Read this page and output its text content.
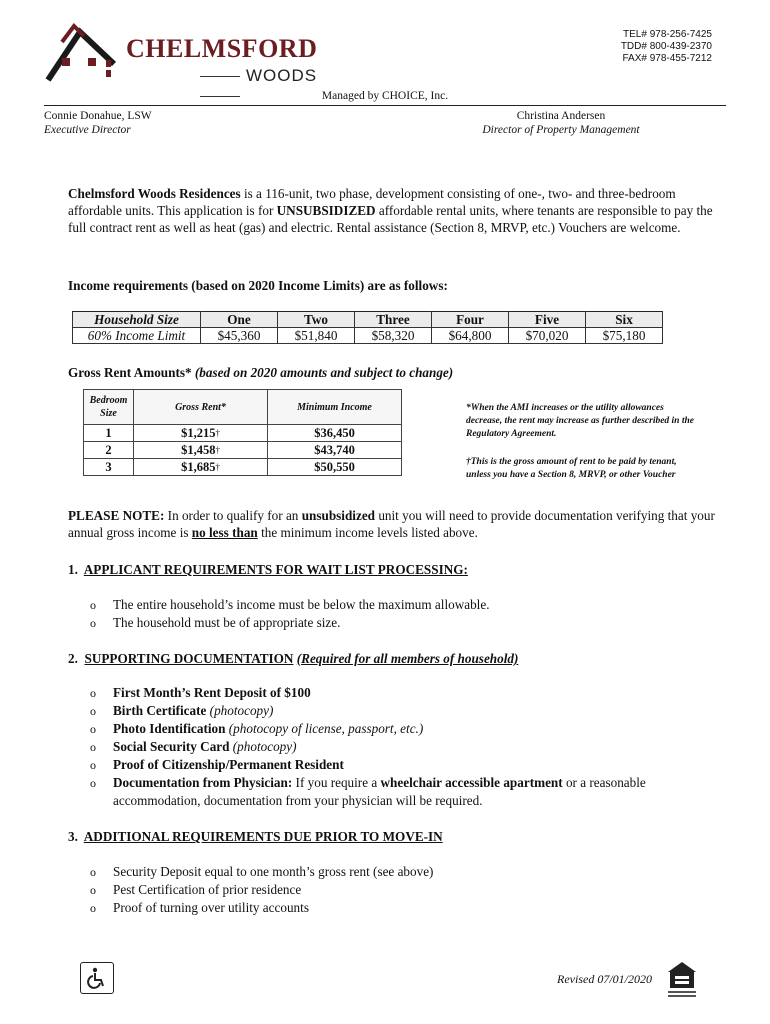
CHELMSFORD
WOODS
TEL# 978-256-7425
TDD# 800-439-2370
FAX# 978-455-7212
Managed by CHOICE, Inc.
Connie Donahue, LSW
Executive Director
Christina Andersen
Director of Property Management
Chelmsford Woods Residences is a 116-unit, two phase, development consisting of one-, two- and three-bedroom affordable units. This application is for UNSUBSIDIZED affordable rental units, where tenants are responsible to pay the full contract rent as well as heat (gas) and electric. Rental assistance (Section 8, MRVP, etc.) Vouchers are welcome.
Income requirements (based on 2020 Income Limits) are as follows:
Household Size	One	Two	Three	Four	Five	Six
60% Income Limit	$45,360	$51,840	$58,320	$64,800	$70,020	$75,180
Gross Rent Amounts* (based on 2020 amounts and subject to change)
Bedroom Size	Gross Rent*	Minimum Income
1	$1,215†	$36,450
2	$1,458†	$43,740
3	$1,685†	$50,550
*When the AMI increases or the utility allowances decrease, the rent may increase as further described in the Regulatory Agreement.
†This is the gross amount of rent to be paid by tenant, unless you have a Section 8, MRVP, or other Voucher
PLEASE NOTE: In order to qualify for an unsubsidized unit you will need to provide documentation verifying that your annual gross income is no less than the minimum income levels listed above.
1. APPLICANT REQUIREMENTS FOR WAIT LIST PROCESSING:
o The entire household’s income must be below the maximum allowable.
o The household must be of appropriate size.
2. SUPPORTING DOCUMENTATION (Required for all members of household)
o First Month’s Rent Deposit of $100
o Birth Certificate (photocopy)
o Photo Identification (photocopy of license, passport, etc.)
o Social Security Card (photocopy)
o Proof of Citizenship/Permanent Resident
o Documentation from Physician: If you require a wheelchair accessible apartment or a reasonable accommodation, documentation from your physician will be required.
3. ADDITIONAL REQUIREMENTS DUE PRIOR TO MOVE-IN
o Security Deposit equal to one month’s gross rent (see above)
o Pest Certification of prior residence
o Proof of turning over utility accounts
Revised 07/01/2020
